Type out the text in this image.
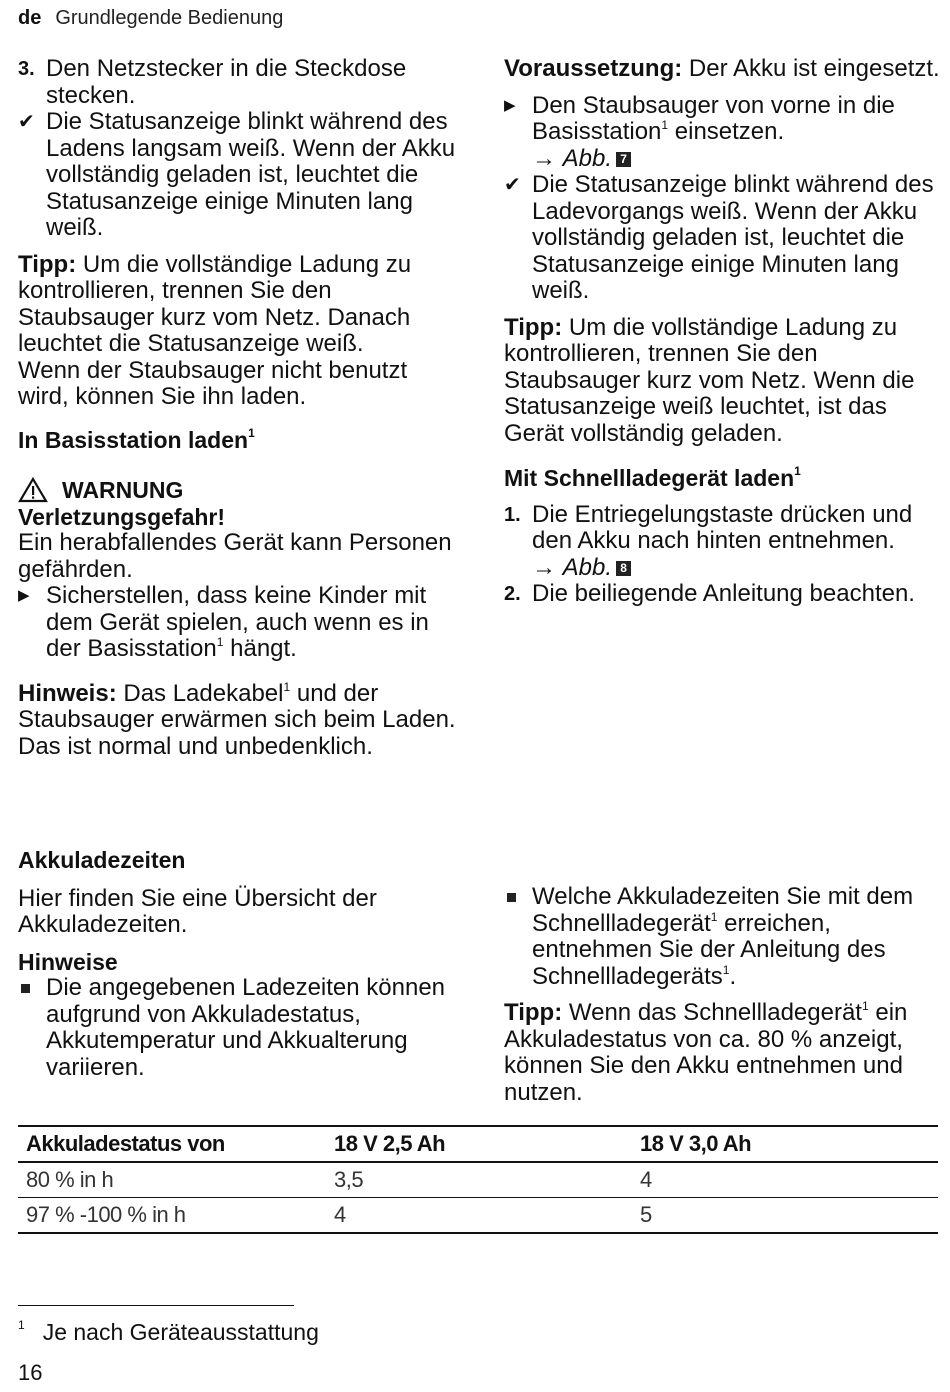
de Grundlegende Bedienung
3. Den Netzstecker in die Steckdose stecken.

✔ Die Statusanzeige blinkt während des Ladens langsam weiß. Wenn der Akku vollständig geladen ist, leuchtet die Statusanzeige einige Minuten lang weiß.

Tipp: Um die vollständige Ladung zu kontrollieren, trennen Sie den Staubsauger kurz vom Netz. Danach leuchtet die Statusanzeige weiß.

Wenn der Staubsauger nicht benutzt wird, können Sie ihn laden.

In Basisstation laden$^1$

WARNUNG

Verletzungsgefahr!

Ein herabfallendes Gerät kann Personen gefährden.

▶ Sicherstellen, dass keine Kinder mit dem Gerät spielen, auch wenn es in der Basisstation$^1$ hängt.

Hinweis: Das Ladekabel$^1$ und der Staubsauger erwärmen sich beim Laden. Das ist normal und unbedenklich.

Voraussetzung: Der Akku ist eingesetzt.

▶ Den Staubsauger von vorne in die Basisstation$^1$ einsetzen.

→ Abb. 7

✔ Die Statusanzeige blinkt während des Ladevorgangs weiß. Wenn der Akku vollständig geladen ist, leuchtet die Statusanzeige einige Minuten lang weiß.

Tipp: Um die vollständige Ladung zu kontrollieren, trennen Sie den Staubsauger kurz vom Netz. Wenn die Statusanzeige weiß leuchtet, ist das Gerät vollständig geladen.

Mit Schnellladegerät laden$^1$

1. Die Entriegelungstaste drücken und den Akku nach hinten entnehmen.

→ Abb. 8

2. Die beiliegende Anleitung beachten.

Akkuladezeiten

Hier finden Sie eine Übersicht der Akkuladezeiten.

Hinweise

Die angegebenen Ladezeiten können aufgrund von Akkuladestatus, Akkutemperatur und Akkualterung variieren.

Welche Akkuladezeiten Sie mit dem Schnellladegerät$^1$ erreichen, entnehmen Sie der Anleitung des Schnellladegeräts$^1$.

Tipp: Wenn das Schnellladegerät$^1$ ein Akkuladestatus von ca. 80 % anzeigt, können Sie den Akku entnehmen und nutzen.

Akkuladestatus von	18 V 2,5 Ah	18 V 3,0 Ah
80 % in h	3,5	4
97 % -100 % in h	4	5
$^1$ Je nach Geräteausstattung
16
